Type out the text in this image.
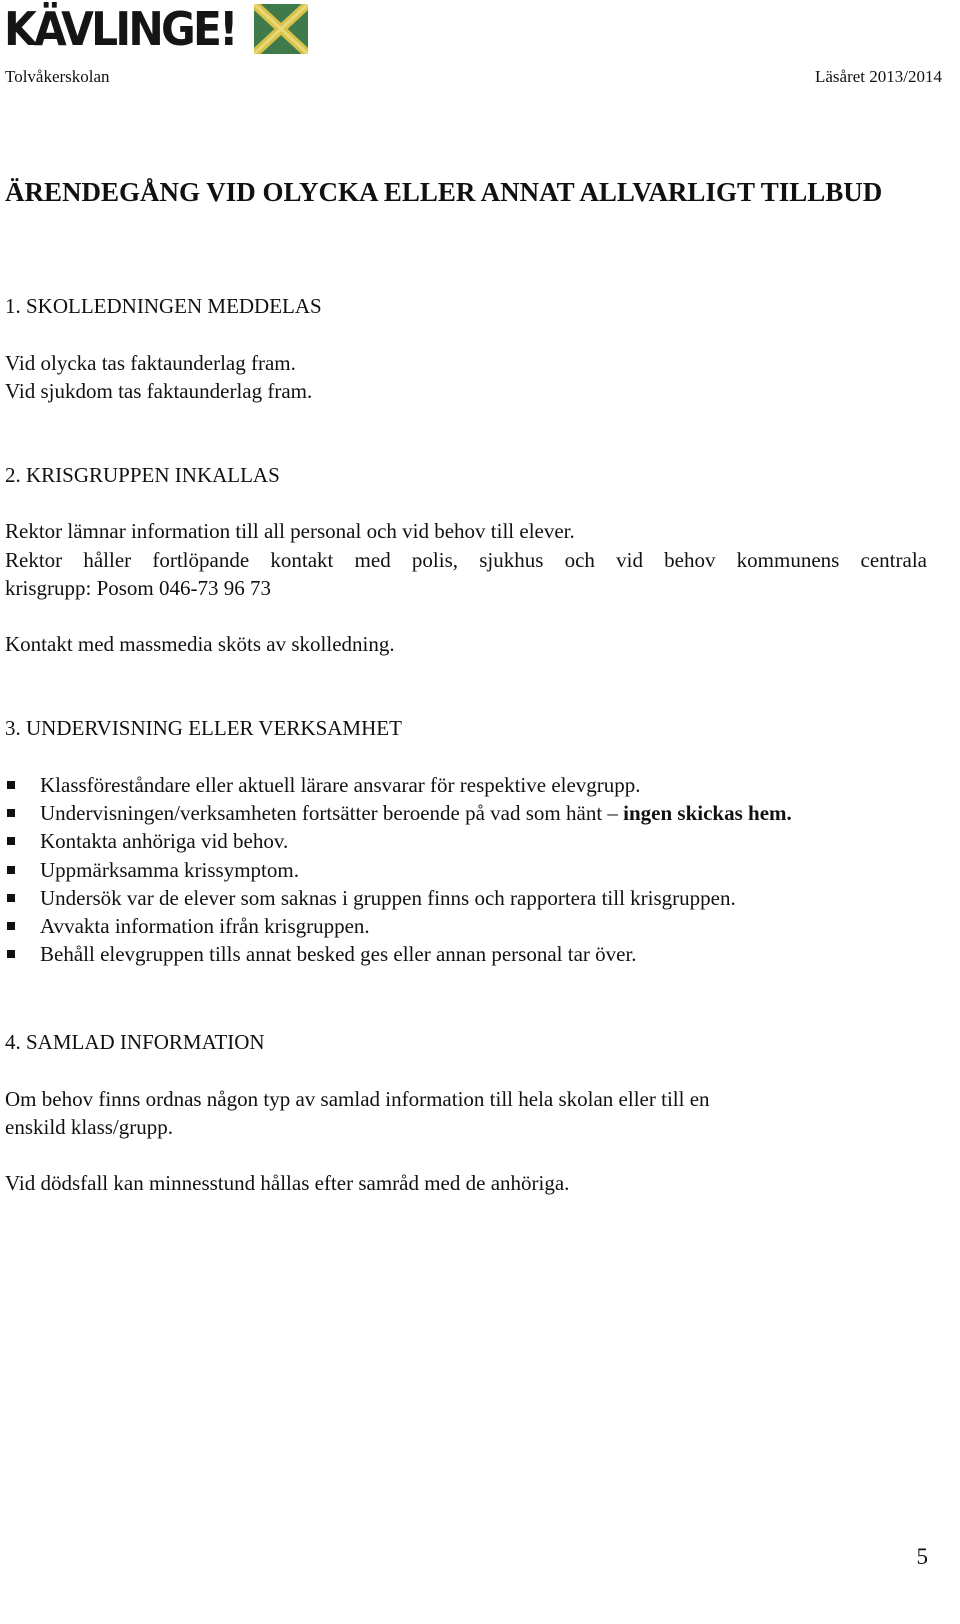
KÄVLINGE!
Tolvåkerskolan	Läsåret 2013/2014
ÄRENDEGÅNG VID OLYCKA ELLER ANNAT ALLVARLIGT TILLBUD
1. SKOLLEDNINGEN MEDDELAS
Vid olycka tas faktaunderlag fram.
Vid sjukdom tas faktaunderlag fram.
2. KRISGRUPPEN INKALLAS
Rektor lämnar information till all personal och vid behov till elever.
Rektor håller fortlöpande kontakt med polis, sjukhus och vid behov kommunens centrala
krisgrupp: Posom 046-73 96 73
Kontakt med massmedia sköts av skolledning.
3. UNDERVISNING ELLER VERKSAMHET
Klassföreståndare eller aktuell lärare ansvarar för respektive elevgrupp.
Undervisningen/verksamheten fortsätter beroende på vad som hänt – ingen skickas hem.
Kontakta anhöriga vid behov.
Uppmärksamma krissymptom.
Undersök var de elever som saknas i gruppen finns och rapportera till krisgruppen.
Avvakta information ifrån krisgruppen.
Behåll elevgruppen tills annat besked ges eller annan personal tar över.
4. SAMLAD INFORMATION
Om behov finns ordnas någon typ av samlad information till hela skolan eller till en
enskild klass/grupp.
Vid dödsfall kan minnesstund hållas efter samråd med de anhöriga.
5
